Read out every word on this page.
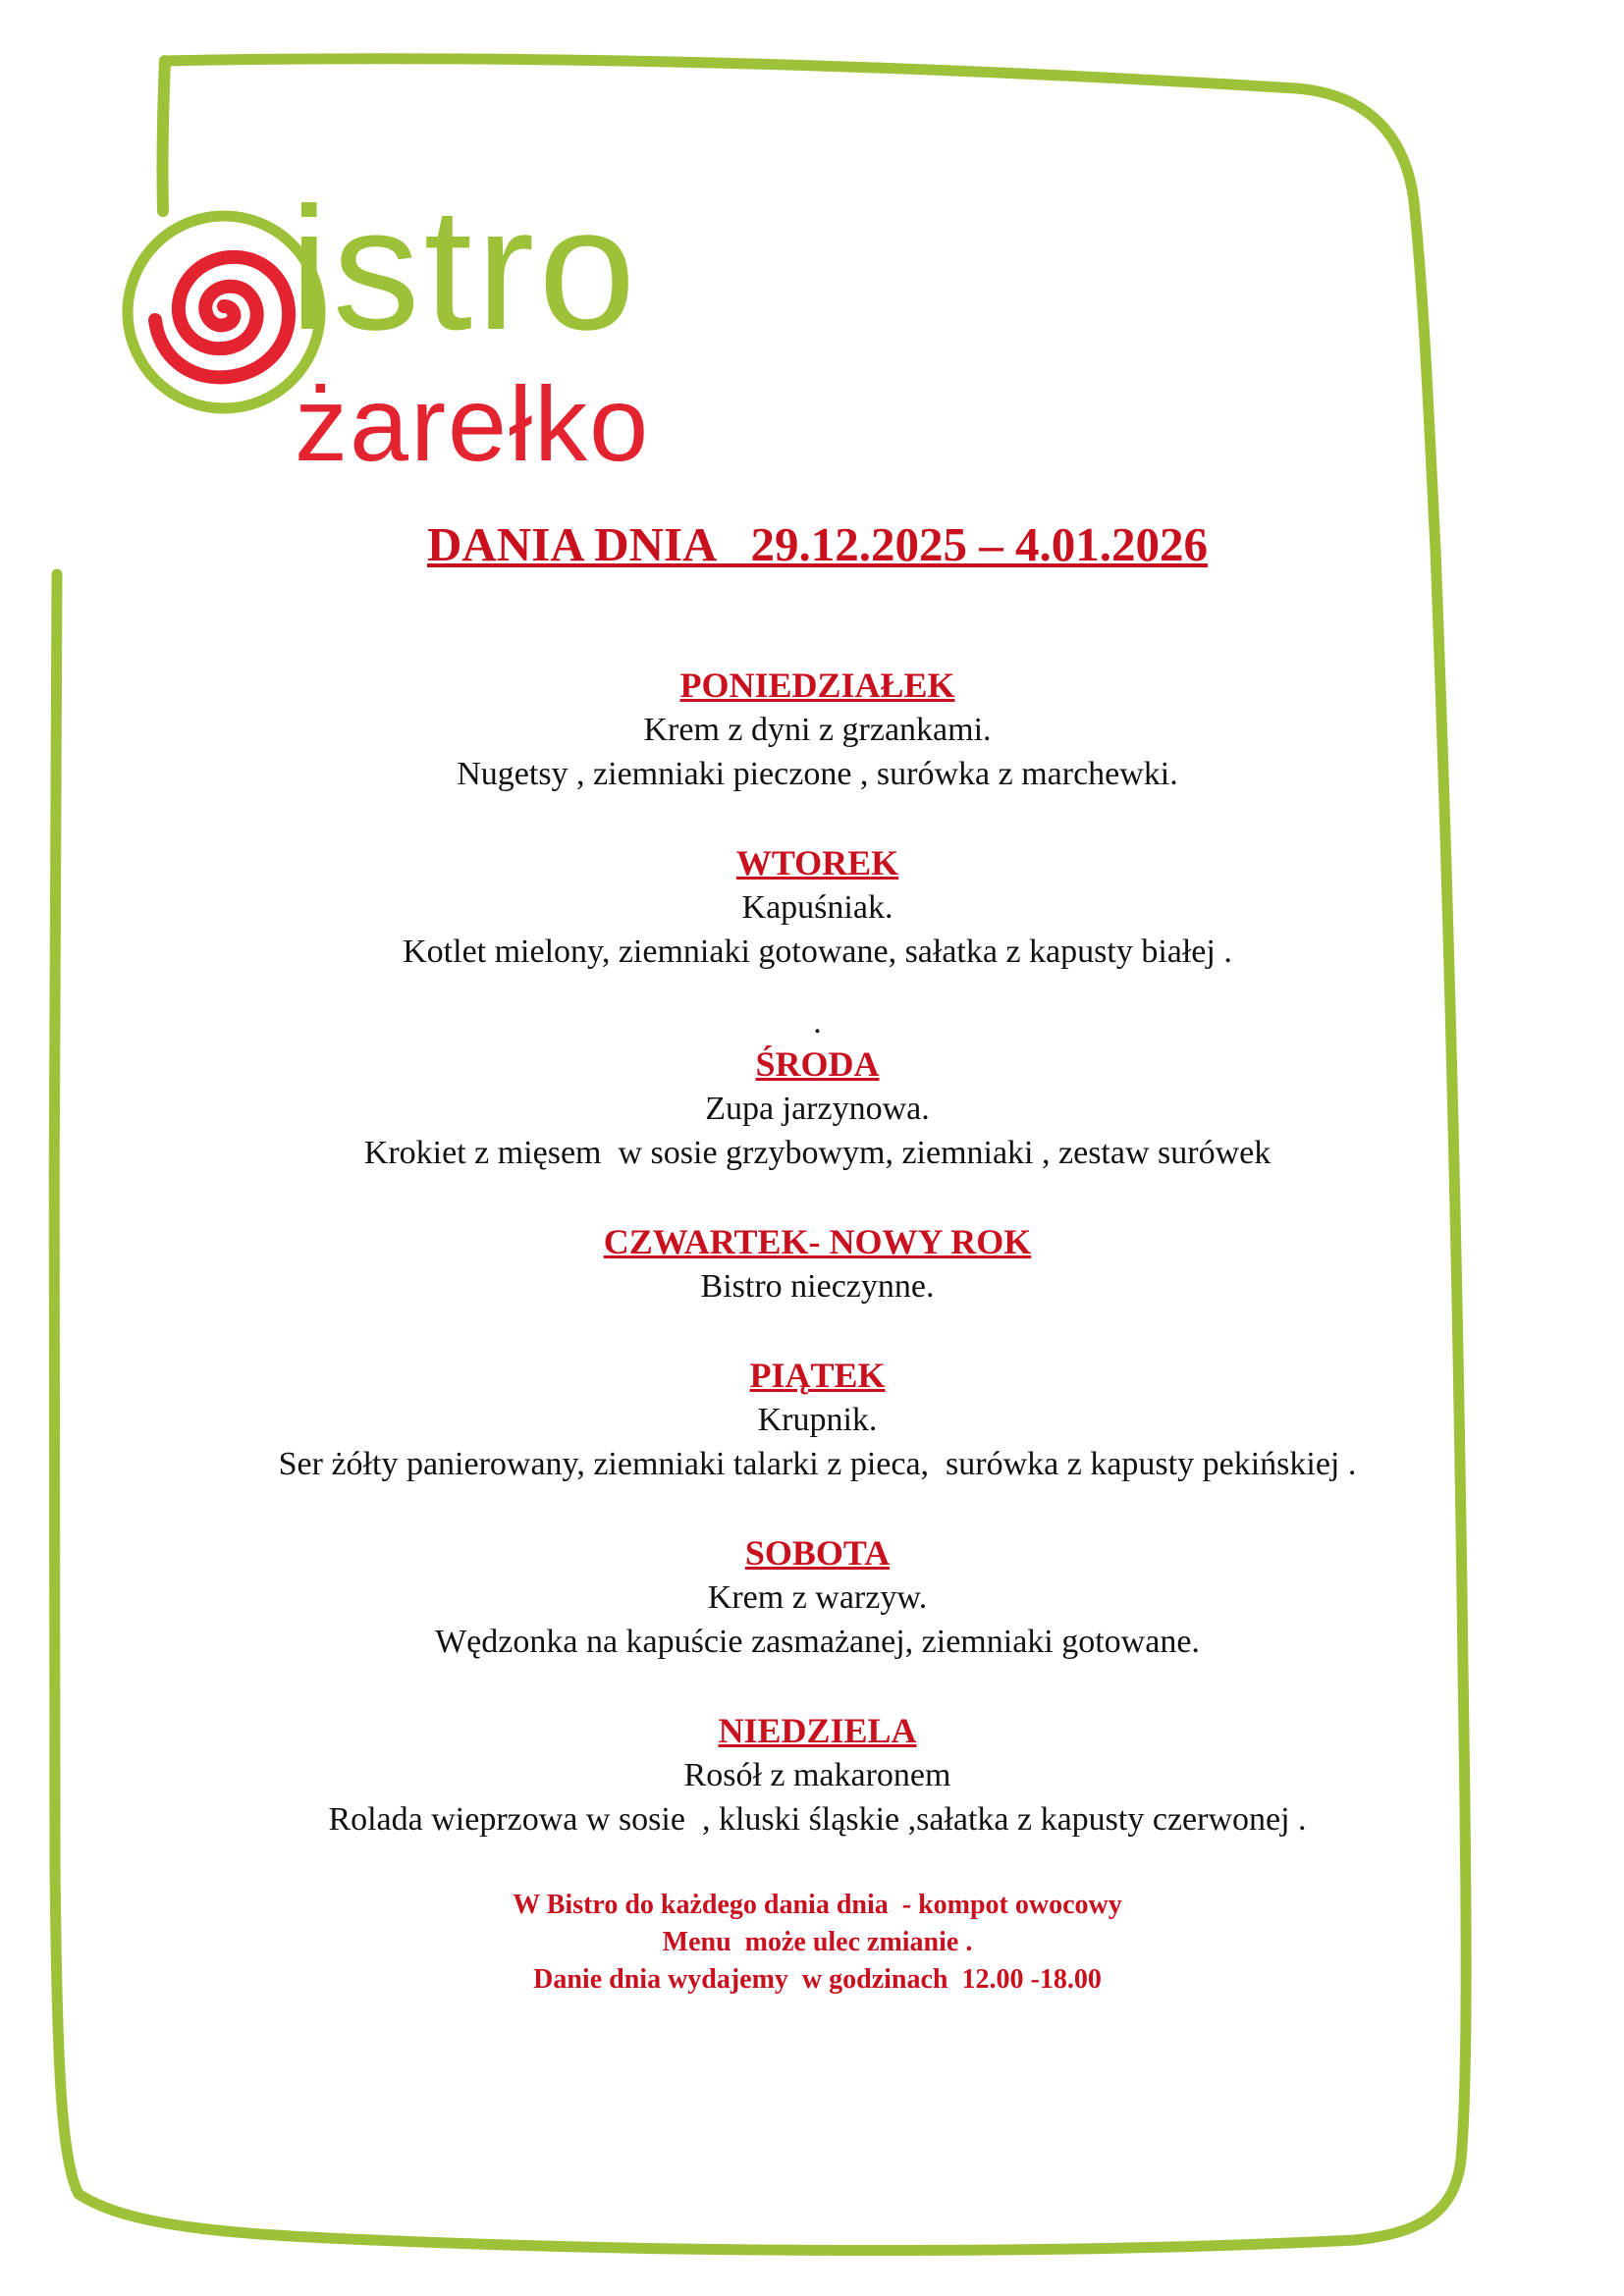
istro

żarełko

DANIA DNIA   29.12.2025 – 4.01.2026
PONIEDZIAŁEK
Krem z dyni z grzankami.
Nugetsy , ziemniaki pieczone , surówka z marchewki.
WTOREK
Kapuśniak.
Kotlet mielony, ziemniaki gotowane, sałatka z kapusty białej .
.
ŚRODA
Zupa jarzynowa.
Krokiet z mięsem  w sosie grzybowym, ziemniaki , zestaw surówek
CZWARTEK- NOWY ROK
Bistro nieczynne.
PIĄTEK
Krupnik.
Ser żółty panierowany, ziemniaki talarki z pieca,  surówka z kapusty pekińskiej .
SOBOTA
Krem z warzyw.
Wędzonka na kapuście zasmażanej, ziemniaki gotowane.
NIEDZIELA
Rosół z makaronem
Rolada wieprzowa w sosie  , kluski śląskie ,sałatka z kapusty czerwonej .
W Bistro do każdego dania dnia  - kompot owocowy
Menu  może ulec zmianie .
Danie dnia wydajemy  w godzinach  12.00 -18.00
